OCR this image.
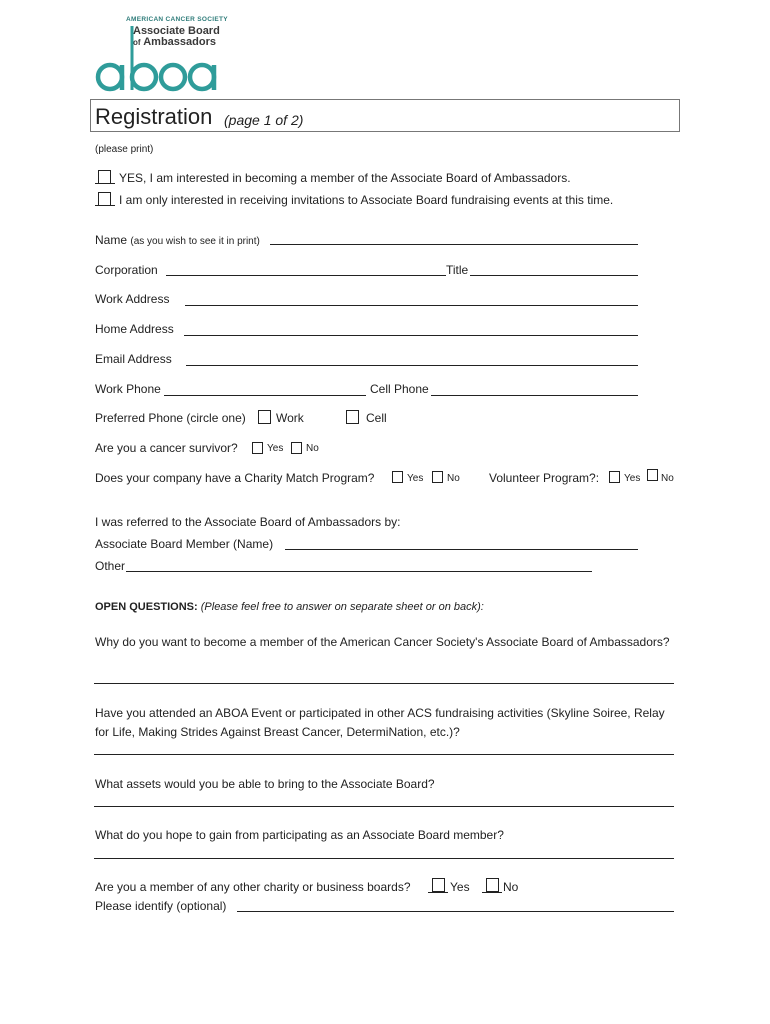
AMERICAN CANCER SOCIETY
Associate Board
of Ambassadors
Registration (page 1 of 2)
(please print)
YES, I am interested in becoming a member of the Associate Board of Ambassadors.
I am only interested in receiving invitations to Associate Board fundraising events at this time.
Name (as you wish to see it in print)
Corporation	Title
Work Address
Home Address
Email Address
Work Phone	Cell Phone
Preferred Phone (circle one)	Work	Cell
Are you a cancer survivor?	Yes No
Does your company have a Charity Match Program?	Yes No Volunteer Program?: Yes No
I was referred to the Associate Board of Ambassadors by:
Associate Board Member (Name)
Other
OPEN QUESTIONS: (Please feel free to answer on separate sheet or on back):
Why do you want to become a member of the American Cancer Society's Associate Board of Ambassadors?
Have you attended an ABOA Event or participated in other ACS fundraising activities (Skyline Soiree, Relay for Life, Making Strides Against Breast Cancer, DetermiNation, etc.)?
What assets would you be able to bring to the Associate Board?
What do you hope to gain from participating as an Associate Board member?
Are you a member of any other charity or business boards?	Yes	No
Please identify (optional)
